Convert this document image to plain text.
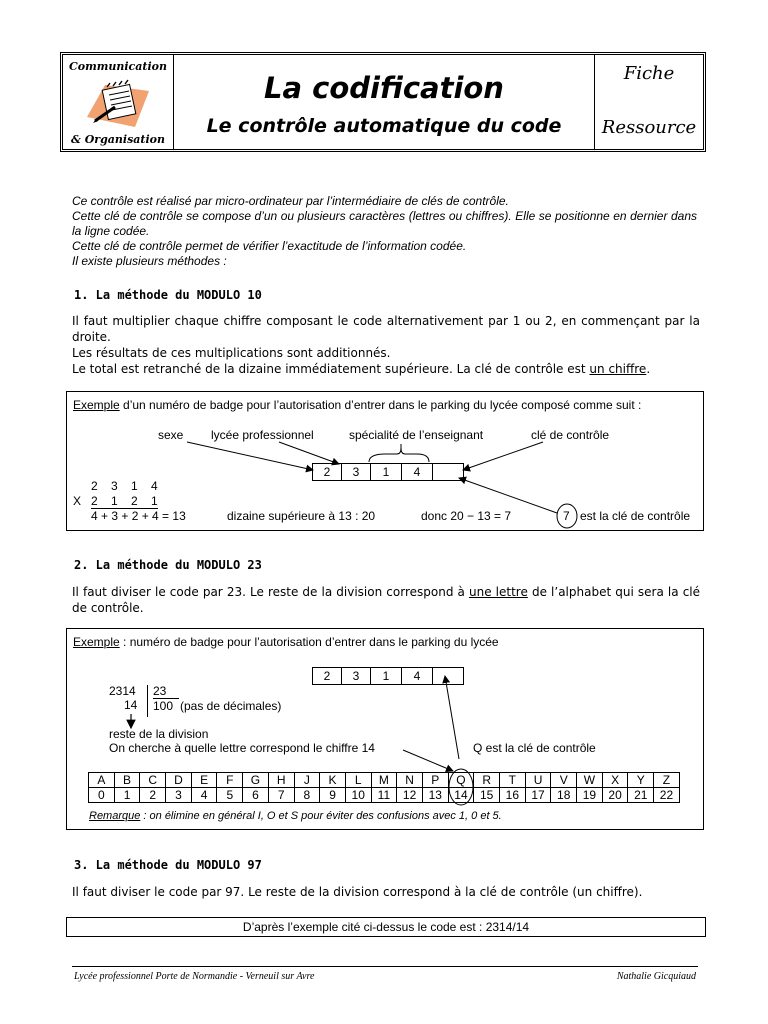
Communication
& Organisation
La codification
Le contrôle automatique du code
Fiche
Ressource

Ce contrôle est réalisé par micro-ordinateur par l’intermédiaire de clés de contrôle.

Cette clé de contrôle se compose d’un ou plusieurs caractères (lettres ou chiffres). Elle se positionne en dernier dans la ligne codée.

Cette clé de contrôle permet de vérifier l’exactitude de l’information codée.

Il existe plusieurs méthodes :

1. La méthode du MODULO 10

Il faut multiplier chaque chiffre composant le code alternativement par 1 ou 2, en commençant par la droite.

Les résultats de ces multiplications sont additionnés.

Le total est retranché de la dizaine immédiatement supérieure. La clé de contrôle est un chiffre.

Exemple d’un numéro de badge pour l’autorisation d’entrer dans le parking du lycée composé comme suit :
sexe lycée professionnel	spécialité de l’enseignant	clé de contrôle
2	3	1	4
2    3    1    4
X 2    1    2    1
4 + 3 + 2 + 4 = 13	dizaine supérieure à 13 : 20	donc 20 − 13 = 7	7 est la clé de contrôle
2. La méthode du MODULO 23

Il faut diviser le code par 23. Le reste de la division correspond à une lettre de l’alphabet qui sera la clé de contrôle.

Exemple : numéro de badge pour l’autorisation d’entrer dans le parking du lycée
2	3	1	4
2314 23
14 100 (pas de décimales)
reste de la division
On cherche à quelle lettre correspond le chiffre 14	Q est la clé de contrôle
A	B	C	D	E	F	G	H	J	K	L	M	N	P	Q	R	T	U	V	W	X	Y	Z
0	1	2	3	4	5	6	7	8	9	10	11	12	13	14	15	16	17	18	19	20	21	22
Remarque : on élimine en général I, O et S pour éviter des confusions avec 1, 0 et 5.
3. La méthode du MODULO 97

Il faut diviser le code par 97. Le reste de la division correspond à la clé de contrôle (un chiffre).

D’après l’exemple cité ci-dessus le code est : 2314/14
Lycée professionnel Porte de Normandie - Verneuil sur Avre	Nathalie Gicquiaud
